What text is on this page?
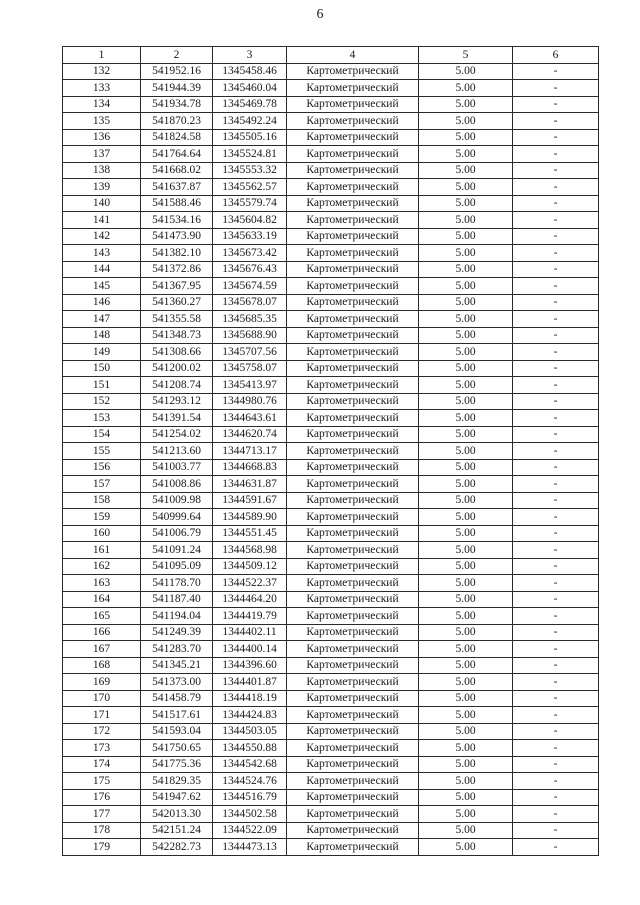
6
1	2	3	4	5	6
132	541952.16	1345458.46	Картометрический	5.00	-
133	541944.39	1345460.04	Картометрический	5.00	-
134	541934.78	1345469.78	Картометрический	5.00	-
135	541870.23	1345492.24	Картометрический	5.00	-
136	541824.58	1345505.16	Картометрический	5.00	-
137	541764.64	1345524.81	Картометрический	5.00	-
138	541668.02	1345553.32	Картометрический	5.00	-
139	541637.87	1345562.57	Картометрический	5.00	-
140	541588.46	1345579.74	Картометрический	5.00	-
141	541534.16	1345604.82	Картометрический	5.00	-
142	541473.90	1345633.19	Картометрический	5.00	-
143	541382.10	1345673.42	Картометрический	5.00	-
144	541372.86	1345676.43	Картометрический	5.00	-
145	541367.95	1345674.59	Картометрический	5.00	-
146	541360.27	1345678.07	Картометрический	5.00	-
147	541355.58	1345685.35	Картометрический	5.00	-
148	541348.73	1345688.90	Картометрический	5.00	-
149	541308.66	1345707.56	Картометрический	5.00	-
150	541200.02	1345758.07	Картометрический	5.00	-
151	541208.74	1345413.97	Картометрический	5.00	-
152	541293.12	1344980.76	Картометрический	5.00	-
153	541391.54	1344643.61	Картометрический	5.00	-
154	541254.02	1344620.74	Картометрический	5.00	-
155	541213.60	1344713.17	Картометрический	5.00	-
156	541003.77	1344668.83	Картометрический	5.00	-
157	541008.86	1344631.87	Картометрический	5.00	-
158	541009.98	1344591.67	Картометрический	5.00	-
159	540999.64	1344589.90	Картометрический	5.00	-
160	541006.79	1344551.45	Картометрический	5.00	-
161	541091.24	1344568.98	Картометрический	5.00	-
162	541095.09	1344509.12	Картометрический	5.00	-
163	541178.70	1344522.37	Картометрический	5.00	-
164	541187.40	1344464.20	Картометрический	5.00	-
165	541194.04	1344419.79	Картометрический	5.00	-
166	541249.39	1344402.11	Картометрический	5.00	-
167	541283.70	1344400.14	Картометрический	5.00	-
168	541345.21	1344396.60	Картометрический	5.00	-
169	541373.00	1344401.87	Картометрический	5.00	-
170	541458.79	1344418.19	Картометрический	5.00	-
171	541517.61	1344424.83	Картометрический	5.00	-
172	541593.04	1344503.05	Картометрический	5.00	-
173	541750.65	1344550.88	Картометрический	5.00	-
174	541775.36	1344542.68	Картометрический	5.00	-
175	541829.35	1344524.76	Картометрический	5.00	-
176	541947.62	1344516.79	Картометрический	5.00	-
177	542013.30	1344502.58	Картометрический	5.00	-
178	542151.24	1344522.09	Картометрический	5.00	-
179	542282.73	1344473.13	Картометрический	5.00	-
